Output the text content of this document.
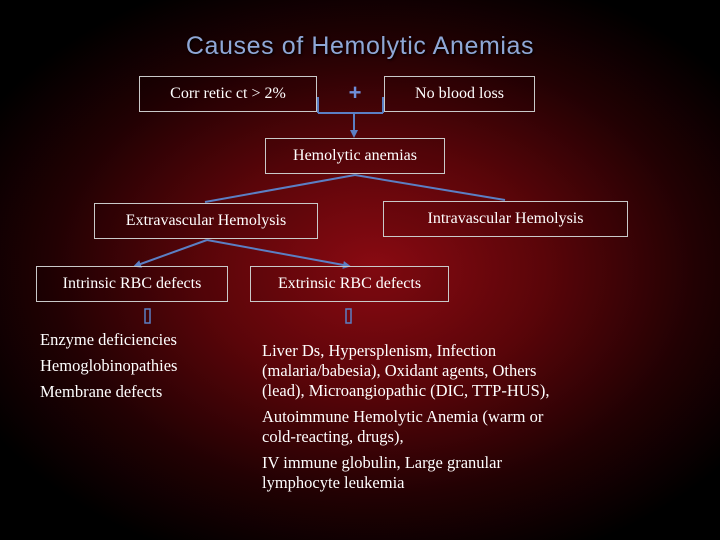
Causes of Hemolytic Anemias
Corr retic ct > 2%	+	No blood loss
Hemolytic anemias
Extravascular Hemolysis	Intravascular Hemolysis
Intrinsic RBC defects	Extrinsic RBC defects
Enzyme deficiencies
Hemoglobinopathies
Membrane defects
Liver Ds, Hypersplenism, Infection (malaria/babesia), Oxidant agents, Others (lead), Microangiopathic (DIC, TTP-HUS),
Autoimmune Hemolytic Anemia (warm or cold-reacting, drugs),
IV immune globulin, Large granular lymphocyte leukemia
